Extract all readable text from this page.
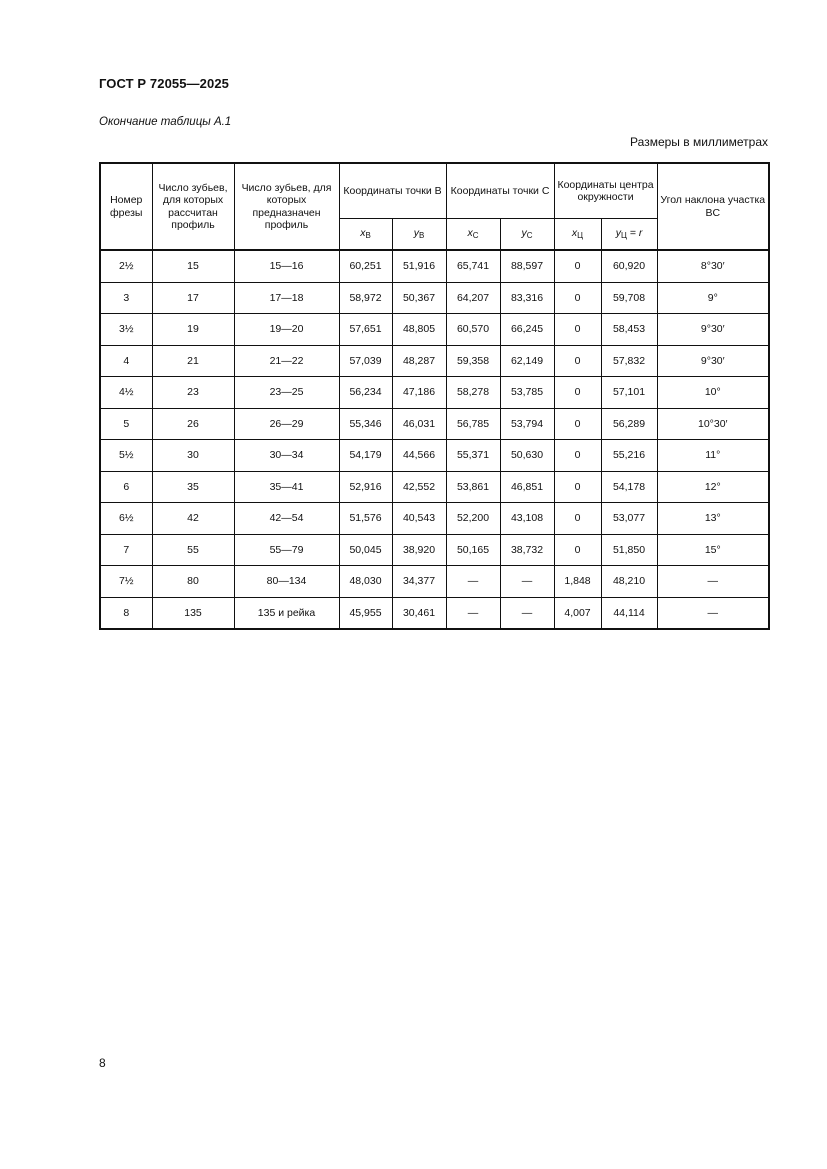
ГОСТ Р 72055—2025
Окончание таблицы А.1
Размеры в миллиметрах
Номер фрезы	Число зубьев, для которых рассчитан профиль	Число зубьев, для которых предназначен профиль	Координаты точки B		Координаты точки C		Координаты центра окружности		Угол наклона участка BC
			$x_B$	$y_B$	$x_C$	$y_C$	$x_Ц$	$y_Ц = r$	
2½	15	15—16	60,251	51,916	65,741	88,597	0	60,920	8°30′
3	17	17—18	58,972	50,367	64,207	83,316	0	59,708	9°
3½	19	19—20	57,651	48,805	60,570	66,245	0	58,453	9°30′
4	21	21—22	57,039	48,287	59,358	62,149	0	57,832	9°30′
4½	23	23—25	56,234	47,186	58,278	53,785	0	57,101	10°
5	26	26—29	55,346	46,031	56,785	53,794	0	56,289	10°30′
5½	30	30—34	54,179	44,566	55,371	50,630	0	55,216	11°
6	35	35—41	52,916	42,552	53,861	46,851	0	54,178	12°
6½	42	42—54	51,576	40,543	52,200	43,108	0	53,077	13°
7	55	55—79	50,045	38,920	50,165	38,732	0	51,850	15°
7½	80	80—134	48,030	34,377	—	—	1,848	48,210	—
8	135	135 и рейка	45,955	30,461	—	—	4,007	44,114	—
8
